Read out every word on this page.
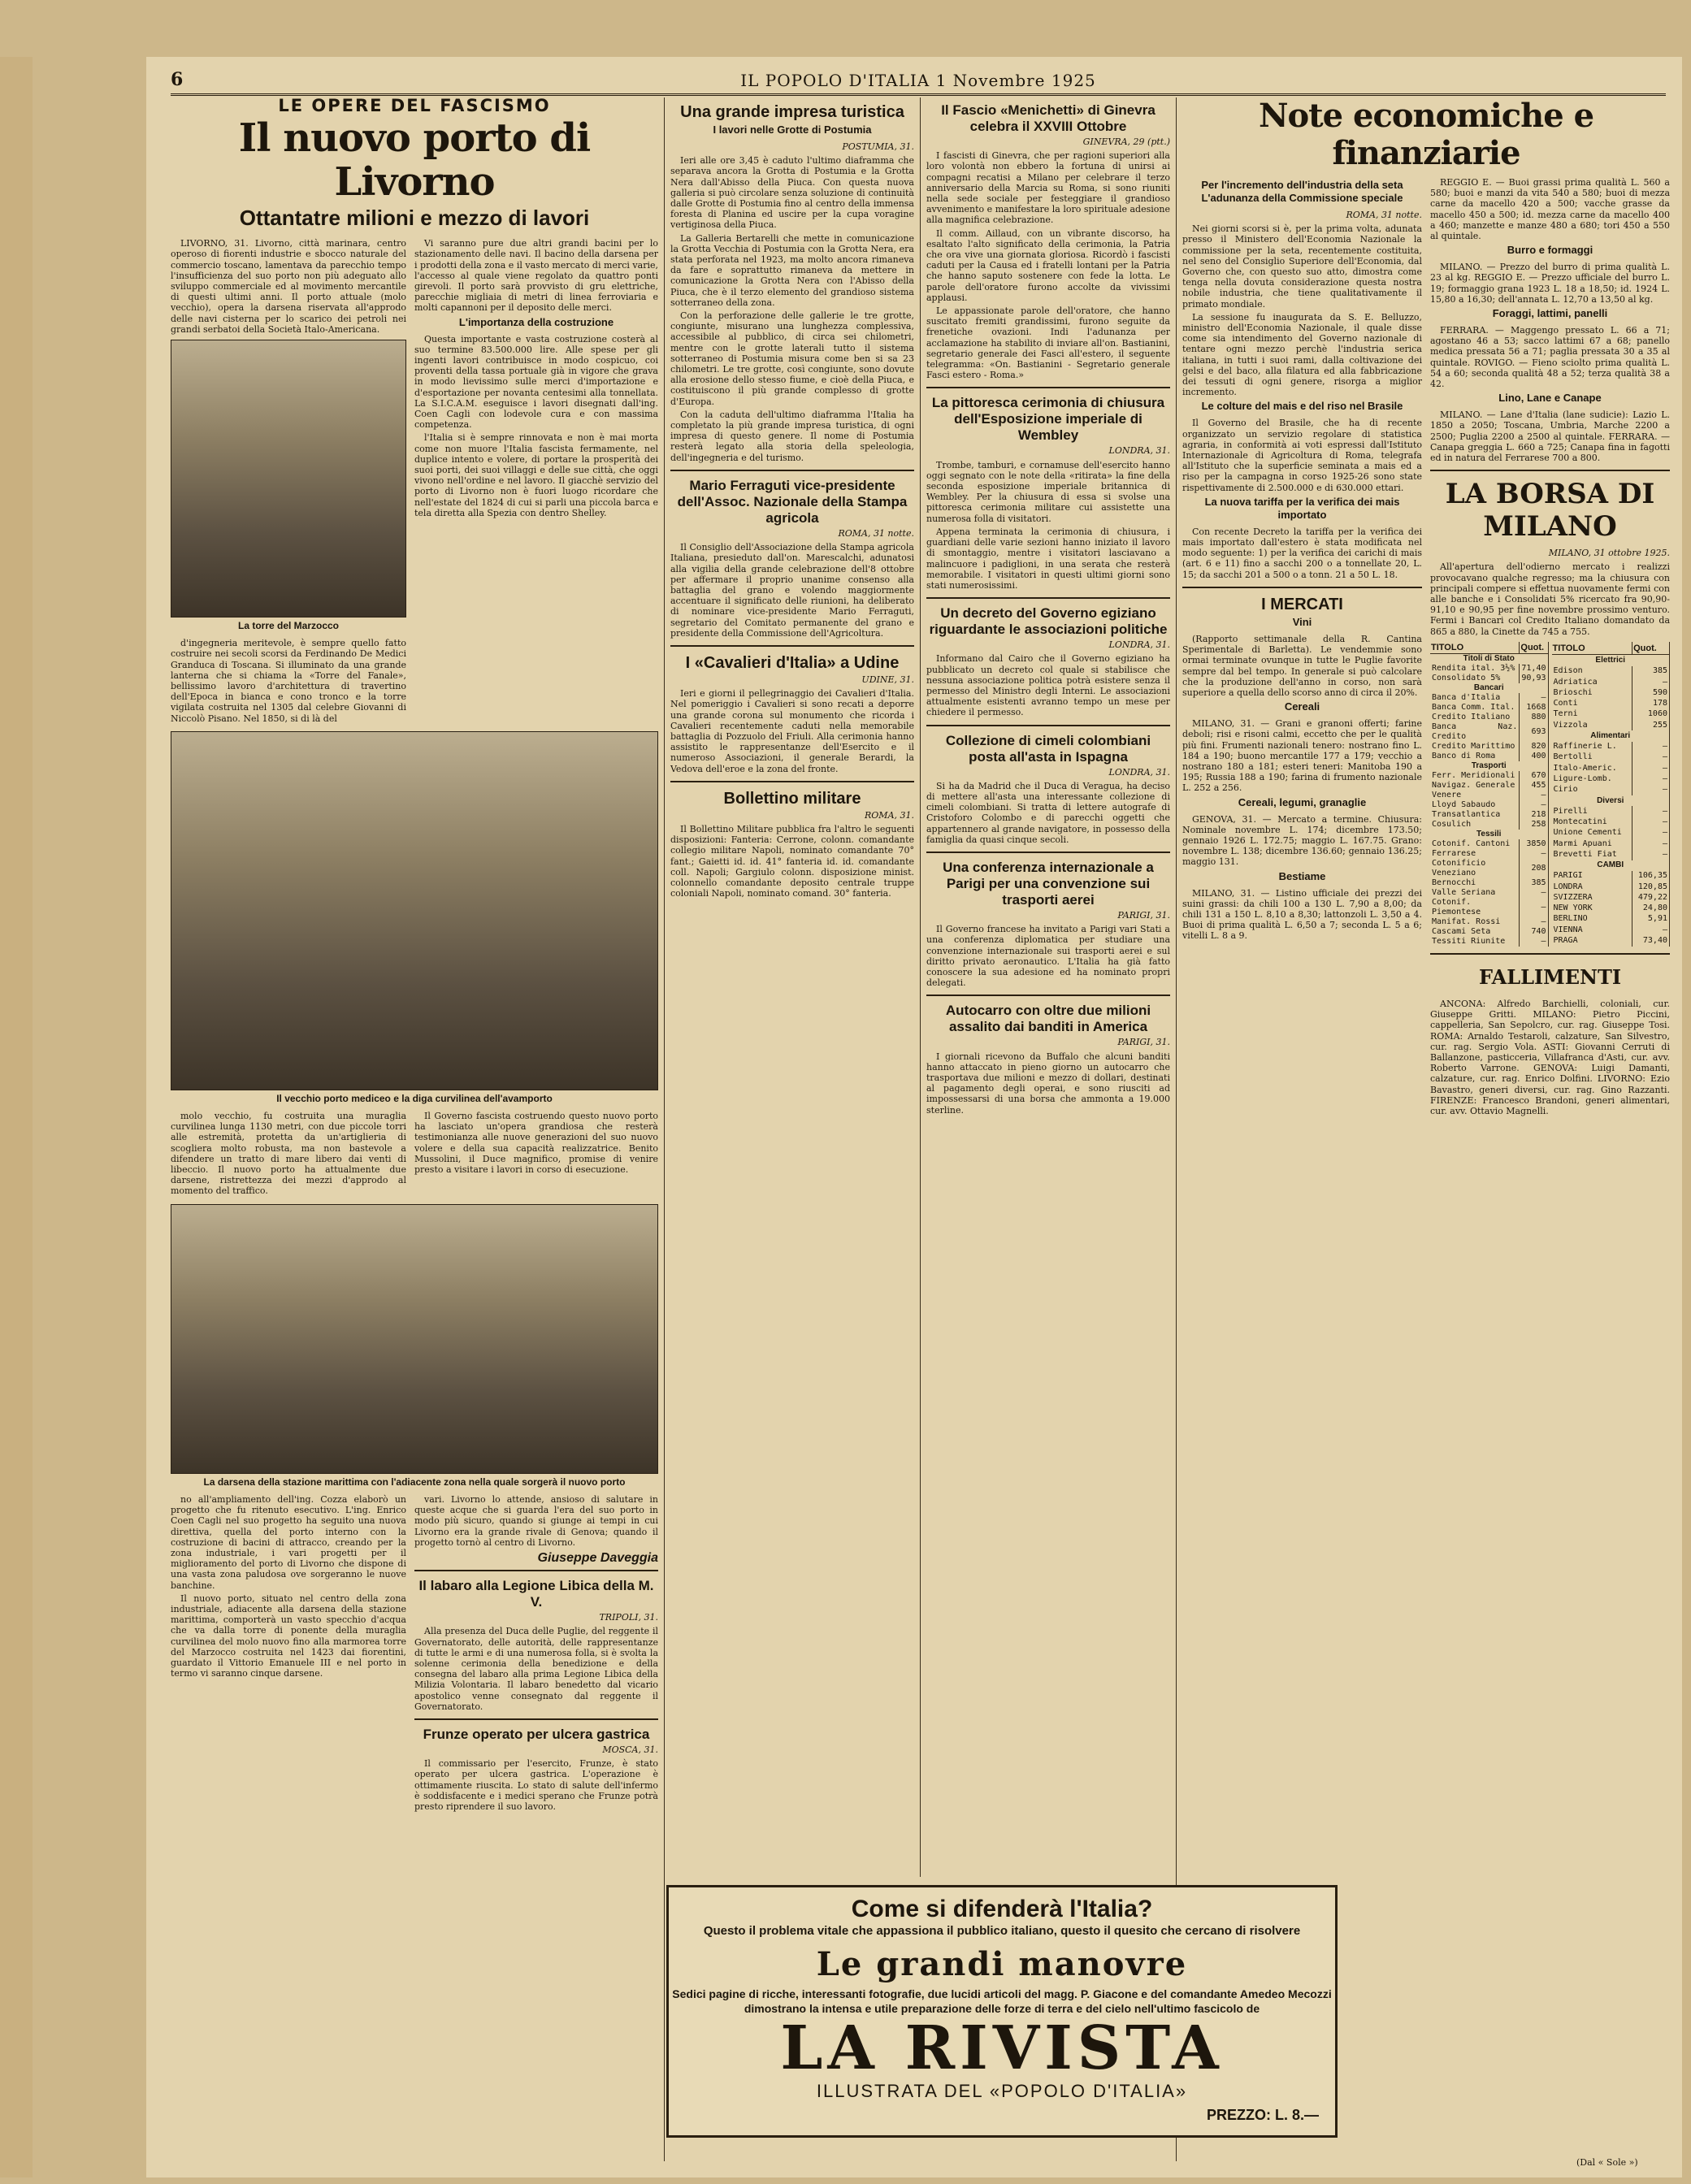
6	IL POPOLO D'ITALIA 1 Novembre 1925
LE OPERE DEL FASCISMO
Il nuovo porto di Livorno
Ottantatre milioni e mezzo di lavori

LIVORNO, 31. Livorno, città marinara, centro operoso di fiorenti industrie e sbocco naturale del commercio toscano, lamentava da parecchio tempo l'insufficienza del suo porto non più adeguato allo sviluppo commerciale ed al movimento mercantile di questi ultimi anni. Il porto attuale (molo vecchio), opera la darsena riservata all'approdo delle navi cisterna per lo scarico dei petroli nei grandi serbatoi della Società Italo-Americana.

La torre del Marzocco

d'ingegneria meritevole, è sempre quello fatto costruire nei secoli scorsi da Ferdinando De Medici Granduca di Toscana. Si illuminato da una grande lanterna che si chiama la «Torre del Fanale», bellissimo lavoro d'architettura di travertino dell'Epoca in bianca e cono tronco e la torre vigilata costruita nel 1305 dal celebre Giovanni di Niccolò Pisano. Nel 1850, si di là del

Vi saranno pure due altri grandi bacini per lo stazionamento delle navi. Il bacino della darsena per i prodotti della zona e il vasto mercato di merci varie, l'accesso al quale viene regolato da quattro ponti girevoli. Il porto sarà provvisto di gru elettriche, parecchie migliaia di metri di linea ferroviaria e molti capannoni per il deposito delle merci.

L'importanza della costruzione

Questa importante e vasta costruzione costerà al suo termine 83.500.000 lire. Alle spese per gli ingenti lavori contribuisce in modo cospicuo, coi proventi della tassa portuale già in vigore che grava in modo lievissimo sulle merci d'importazione e d'esportazione per novanta centesimi alla tonnellata. La S.I.C.A.M. eseguisce i lavori disegnati dall'ing. Coen Cagli con lodevole cura e con massima competenza.

l'Italia si è sempre rinnovata e non è mai morta come non muore l'Italia fascista fermamente, nel duplice intento e volere, di portare la prosperità dei suoi porti, dei suoi villaggi e delle sue città, che oggi vivono nell'ordine e nel lavoro. Il giacchè servizio del porto di Livorno non è fuori luogo ricordare che nell'estate del 1824 di cui si parli una piccola barca e tela diretta alla Spezia con dentro Shelley.

Il vecchio porto mediceo e la diga curvilinea dell'avamporto

molo vecchio, fu costruita una muraglia curvilinea lunga 1130 metri, con due piccole torri alle estremità, protetta da un'artiglieria di scogliera molto robusta, ma non bastevole a difendere un tratto di mare libero dai venti di libeccio. Il nuovo porto ha attualmente due darsene, ristrettezza dei mezzi d'approdo al momento del traffico.

Il Governo fascista costruendo questo nuovo porto ha lasciato un'opera grandiosa che resterà testimonianza alle nuove generazioni del suo nuovo volere e della sua capacità realizzatrice. Benito Mussolini, il Duce magnifico, promise di venire presto a visitare i lavori in corso di esecuzione.

La darsena della stazione marittima con l'adiacente zona nella quale sorgerà il nuovo porto

no all'ampliamento dell'ing. Cozza elaborò un progetto che fu ritenuto esecutivo. L'ing. Enrico Coen Cagli nel suo progetto ha seguito una nuova direttiva, quella del porto interno con la costruzione di bacini di attracco, creando per la zona industriale, i vari progetti per il miglioramento del porto di Livorno che dispone di una vasta zona paludosa ove sorgeranno le nuove banchine.

Il nuovo porto, situato nel centro della zona industriale, adiacente alla darsena della stazione marittima, comporterà un vasto specchio d'acqua che va dalla torre di ponente della muraglia curvilinea del molo nuovo fino alla marmorea torre del Marzocco costruita nel 1423 dai fiorentini, guardato il Vittorio Emanuele III e nel porto in termo vi saranno cinque darsene.

vari. Livorno lo attende, ansioso di salutare in queste acque che si guarda l'era del suo porto in modo più sicuro, quando si giunge ai tempi in cui Livorno era la grande rivale di Genova; quando il progetto tornò al centro di Livorno.

Giuseppe Daveggia
Il labaro alla Legione Libica della M. V.
TRIPOLI, 31.

Alla presenza del Duca delle Puglie, del reggente il Governatorato, delle autorità, delle rappresentanze di tutte le armi e di una numerosa folla, si è svolta la solenne cerimonia della benedizione e della consegna del labaro alla prima Legione Libica della Milizia Volontaria. Il labaro benedetto dal vicario apostolico venne consegnato dal reggente il Governatorato.

Frunze operato per ulcera gastrica
MOSCA, 31.

Il commissario per l'esercito, Frunze, è stato operato per ulcera gastrica. L'operazione è ottimamente riuscita. Lo stato di salute dell'infermo è soddisfacente e i medici sperano che Frunze potrà presto riprendere il suo lavoro.

Una grande impresa turistica
I lavori nelle Grotte di Postumia
POSTUMIA, 31.

Ieri alle ore 3,45 è caduto l'ultimo diaframma che separava ancora la Grotta di Postumia e la Grotta Nera dall'Abisso della Piuca. Con questa nuova galleria si può circolare senza soluzione di continuità dalle Grotte di Postumia fino al centro della immensa foresta di Planina ed uscire per la cupa voragine vertiginosa della Piuca.

La Galleria Bertarelli che mette in comunicazione la Grotta Vecchia di Postumia con la Grotta Nera, era stata perforata nel 1923, ma molto ancora rimaneva da fare e soprattutto rimaneva da mettere in comunicazione la Grotta Nera con l'Abisso della Piuca, che è il terzo elemento del grandioso sistema sotterraneo della zona.

Con la perforazione delle gallerie le tre grotte, congiunte, misurano una lunghezza complessiva, accessibile al pubblico, di circa sei chilometri, mentre con le grotte laterali tutto il sistema sotterraneo di Postumia misura come ben si sa 23 chilometri. Le tre grotte, così congiunte, sono dovute alla erosione dello stesso fiume, e cioè della Piuca, e costituiscono il più grande complesso di grotte d'Europa.

Con la caduta dell'ultimo diaframma l'Italia ha completato la più grande impresa turistica, di ogni impresa di questo genere. Il nome di Postumia resterà legato alla storia della speleologia, dell'ingegneria e del turismo.

Mario Ferraguti vice-presidente dell'Assoc. Nazionale della Stampa agricola
ROMA, 31 notte.

Il Consiglio dell'Associazione della Stampa agricola Italiana, presieduto dall'on. Marescalchi, adunatosi alla vigilia della grande celebrazione dell'8 ottobre per affermare il proprio unanime consenso alla battaglia del grano e volendo maggiormente accentuare il significato delle riunioni, ha deliberato di nominare vice-presidente Mario Ferraguti, segretario del Comitato permanente del grano e presidente della Commissione dell'Agricoltura.

I «Cavalieri d'Italia» a Udine
UDINE, 31.

Ieri e giorni il pellegrinaggio dei Cavalieri d'Italia. Nel pomeriggio i Cavalieri si sono recati a deporre una grande corona sul monumento che ricorda i Cavalieri recentemente caduti nella memorabile battaglia di Pozzuolo del Friuli. Alla cerimonia hanno assistito le rappresentanze dell'Esercito e il numeroso Associazioni, il generale Berardi, la Vedova dell'eroe e la zona del fronte.

Bollettino militare
ROMA, 31.

Il Bollettino Militare pubblica fra l'altro le seguenti disposizioni: Fanteria: Cerrone, colonn. comandante collegio militare Napoli, nominato comandante 70° fant.; Gaietti id. id. 41° fanteria id. id. comandante coll. Napoli; Gargiulo colonn. disposizione minist. colonnello comandante deposito centrale truppe coloniali Napoli, nominato comand. 30° fanteria.

Il Fascio «Menichetti» di Ginevra celebra il XXVIII Ottobre
GINEVRA, 29 (ptt.)

I fascisti di Ginevra, che per ragioni superiori alla loro volontà non ebbero la fortuna di unirsi ai compagni recatisi a Milano per celebrare il terzo anniversario della Marcia su Roma, si sono riuniti nella sede sociale per festeggiare il grandioso avvenimento e manifestare la loro spirituale adesione alla magnifica celebrazione.

Il comm. Aillaud, con un vibrante discorso, ha esaltato l'alto significato della cerimonia, la Patria che ora vive una giornata gloriosa. Ricordò i fascisti caduti per la Causa ed i fratelli lontani per la Patria che hanno saputo sostenere con fede la lotta. Le parole dell'oratore furono accolte da vivissimi applausi.

Le appassionate parole dell'oratore, che hanno suscitato fremiti grandissimi, furono seguite da frenetiche ovazioni. Indi l'adunanza per acclamazione ha stabilito di inviare all'on. Bastianini, segretario generale dei Fasci all'estero, il seguente telegramma: «On. Bastianini - Segretario generale Fasci estero - Roma.»

La pittoresca cerimonia di chiusura dell'Esposizione imperiale di Wembley
LONDRA, 31.

Trombe, tamburi, e cornamuse dell'esercito hanno oggi segnato con le note della «ritirata» la fine della seconda esposizione imperiale britannica di Wembley. Per la chiusura di essa si svolse una pittoresca cerimonia militare cui assistette una numerosa folla di visitatori.

Appena terminata la cerimonia di chiusura, i guardiani delle varie sezioni hanno iniziato il lavoro di smontaggio, mentre i visitatori lasciavano a malincuore i padiglioni, in una serata che resterà memorabile. I visitatori in questi ultimi giorni sono stati numerosissimi.

Un decreto del Governo egiziano riguardante le associazioni politiche
LONDRA, 31.

Informano dal Cairo che il Governo egiziano ha pubblicato un decreto col quale si stabilisce che nessuna associazione politica potrà esistere senza il permesso del Ministro degli Interni. Le associazioni attualmente esistenti avranno tempo un mese per chiedere il permesso.

Collezione di cimeli colombiani posta all'asta in Ispagna
LONDRA, 31.

Si ha da Madrid che il Duca di Veragua, ha deciso di mettere all'asta una interessante collezione di cimeli colombiani. Si tratta di lettere autografe di Cristoforo Colombo e di parecchi oggetti che appartennero al grande navigatore, in possesso della famiglia da quasi cinque secoli.

Una conferenza internazionale a Parigi per una convenzione sui trasporti aerei
PARIGI, 31.

Il Governo francese ha invitato a Parigi vari Stati a una conferenza diplomatica per studiare una convenzione internazionale sui trasporti aerei e sul diritto privato aeronautico. L'Italia ha già fatto conoscere la sua adesione ed ha nominato propri delegati.

Autocarro con oltre due milioni assalito dai banditi in America
PARIGI, 31.

I giornali ricevono da Buffalo che alcuni banditi hanno attaccato in pieno giorno un autocarro che trasportava due milioni e mezzo di dollari, destinati al pagamento degli operai, e sono riusciti ad impossessarsi di una borsa che ammonta a 19.000 sterline.

Note economiche e finanziarie
Per l'incremento dell'industria della seta L'adunanza della Commissione speciale
ROMA, 31 notte.

Nei giorni scorsi si è, per la prima volta, adunata presso il Ministero dell'Economia Nazionale la commissione per la seta, recentemente costituita, nel seno del Consiglio Superiore dell'Economia, dal Governo che, con questo suo atto, dimostra come tenga nella dovuta considerazione questa nostra nobile industria, che tiene qualitativamente il primato mondiale.

La sessione fu inaugurata da S. E. Belluzzo, ministro dell'Economia Nazionale, il quale disse come sia intendimento del Governo nazionale di tentare ogni mezzo perchè l'industria serica italiana, in tutti i suoi rami, dalla coltivazione dei gelsi e del baco, alla filatura ed alla fabbricazione dei tessuti di ogni genere, risorga a miglior incremento.

Le colture del mais e del riso nel Brasile

Il Governo del Brasile, che ha di recente organizzato un servizio regolare di statistica agraria, in conformità ai voti espressi dall'Istituto Internazionale di Agricoltura di Roma, telegrafa all'Istituto che la superficie seminata a mais ed a riso per la campagna in corso 1925-26 sono state rispettivamente di 2.500.000 e di 630.000 ettari.

La nuova tariffa per la verifica dei mais importato

Con recente Decreto la tariffa per la verifica dei mais importato dall'estero è stata modificata nel modo seguente: 1) per la verifica dei carichi di mais (art. 6 e 11) fino a sacchi 200 o a tonnellate 20, L. 15; da sacchi 201 a 500 o a tonn. 21 a 50 L. 18.

I MERCATI
Vini

(Rapporto settimanale della R. Cantina Sperimentale di Barletta). Le vendemmie sono ormai terminate ovunque in tutte le Puglie favorite sempre dal bel tempo. In generale si può calcolare che la produzione dell'anno in corso, non sarà superiore a quella dello scorso anno di circa il 20%.

Cereali

MILANO, 31. — Grani e granoni offerti; farine deboli; risi e risoni calmi, eccetto che per le qualità più fini. Frumenti nazionali tenero: nostrano fino L. 184 a 190; buono mercantile 177 a 179; vecchio a nostrano 180 a 181; esteri teneri: Manitoba 190 a 195; Russia 188 a 190; farina di frumento nazionale L. 252 a 256.

Cereali, legumi, granaglie

GENOVA, 31. — Mercato a termine. Chiusura: Nominale novembre L. 174; dicembre 173.50; gennaio 1926 L. 172.75; maggio L. 167.75. Grano: novembre L. 138; dicembre 136.60; gennaio 136.25; maggio 131.

Bestiame

MILANO, 31. — Listino ufficiale dei prezzi dei suini grassi: da chili 100 a 130 L. 7,90 a 8,00; da chili 131 a 150 L. 8,10 a 8,30; lattonzoli L. 3,50 a 4. Buoi di prima qualità L. 6,50 a 7; seconda L. 5 a 6; vitelli L. 8 a 9.

REGGIO E. — Buoi grassi prima qualità L. 560 a 580; buoi e manzi da vita 540 a 580; buoi di mezza carne da macello 420 a 500; vacche grasse da macello 450 a 500; id. mezza carne da macello 400 a 460; manzette e manze 480 a 680; tori 450 a 550 al quintale.

Burro e formaggi

MILANO. — Prezzo del burro di prima qualità L. 23 al kg. REGGIO E. — Prezzo ufficiale del burro L. 19; formaggio grana 1923 L. 18 a 18,50; id. 1924 L. 15,80 a 16,30; dell'annata L. 12,70 a 13,50 al kg.

Foraggi, lattimi, panelli

FERRARA. — Maggengo pressato L. 66 a 71; agostano 46 a 53; sacco lattimi 67 a 68; panello medica pressata 56 a 71; paglia pressata 30 a 35 al quintale. ROVIGO. — Fieno sciolto prima qualità L. 54 a 60; seconda qualità 48 a 52; terza qualità 38 a 42.

Lino, Lane e Canape

MILANO. — Lane d'Italia (lane sudicie): Lazio L. 1850 a 2050; Toscana, Umbria, Marche 2200 a 2500; Puglia 2200 a 2500 al quintale. FERRARA. — Canapa greggia L. 660 a 725; Canapa fina in fagotti ed in natura del Ferrarese 700 a 800.

LA BORSA DI MILANO
MILANO, 31 ottobre 1925.

All'apertura dell'odierno mercato i realizzi provocavano qualche regresso; ma la chiusura con principali compere si effettua nuovamente fermi con alle banche e i Consolidati 5% ricercato fra 90,90-91,10 e 90,95 per fine novembre prossimo venturo. Fermi i Bancari col Credito Italiano domandato da 865 a 880, la Cinette da 745 a 755.

TITOLO	Quot.
Titoli di Stato	
Rendita ital. 3½%	71,40
Consolidato 5%	90,93
Bancari	
Banca d'Italia	—
Banca Comm. Ital.	1668
Credito Italiano	880
Banca Naz. Credito	693
Credito Marittimo	820
Banco di Roma	400
Trasporti	
Ferr. Meridionali	670
Navigaz. Generale	455
Venere	—
Lloyd Sabaudo	—
Transatlantica	218
Cosulich	258
Tessili	
Cotonif. Cantoni	3850
Ferrarese	—
Cotonificio Veneziano	208
Bernocchi	385
Valle Seriana	—
Cotonif. Piemontese	—
Manifat. Rossi	—
Cascami Seta	740
Tessiti Riunite	—
TITOLO	Quot.
Elettrici	
Edison	385
Adriatica	—
Brioschi	590
Conti	178
Terni	1060
Vizzola	255
Alimentari	
Raffinerie L.	—
Bertolli	—
Italo-Americ.	—
Ligure-Lomb.	—
Cirio	—
Diversi	
Pirelli	—
Montecatini	—
Unione Cementi	—
Marmi Apuani	—
Brevetti Fiat	—
CAMBI	
PARIGI	106,35
LONDRA	120,85
SVIZZERA	479,22
NEW YORK	24,80
BERLINO	5,91
VIENNA	—
PRAGA	73,40
FALLIMENTI

ANCONA: Alfredo Barchielli, coloniali, cur. Giuseppe Gritti. MILANO: Pietro Piccini, cappelleria, San Sepolcro, cur. rag. Giuseppe Tosi. ROMA: Arnaldo Testaroli, calzature, San Silvestro, cur. rag. Sergio Vola. ASTI: Giovanni Cerruti di Ballanzone, pasticceria, Villafranca d'Asti, cur. avv. Roberto Varrone. GENOVA: Luigi Damanti, calzature, cur. rag. Enrico Dolfini. LIVORNO: Ezio Bavastro, generi diversi, cur. rag. Gino Razzanti. FIRENZE: Francesco Brandoni, generi alimentari, cur. avv. Ottavio Magnelli.

Come si difenderà l'Italia?
Questo il problema vitale che appassiona il pubblico italiano, questo il quesito che cercano di risolvere
Le grandi manovre
Sedici pagine di ricche, interessanti fotografie, due lucidi articoli del magg. P. Giacone e del comandante Amedeo Mecozzi dimostrano la intensa e utile preparazione delle forze di terra e del cielo nell'ultimo fascicolo de
LA RIVISTA
ILLUSTRATA DEL «POPOLO D'ITALIA»
PREZZO: L. 8.—
(Dal « Sole »)
